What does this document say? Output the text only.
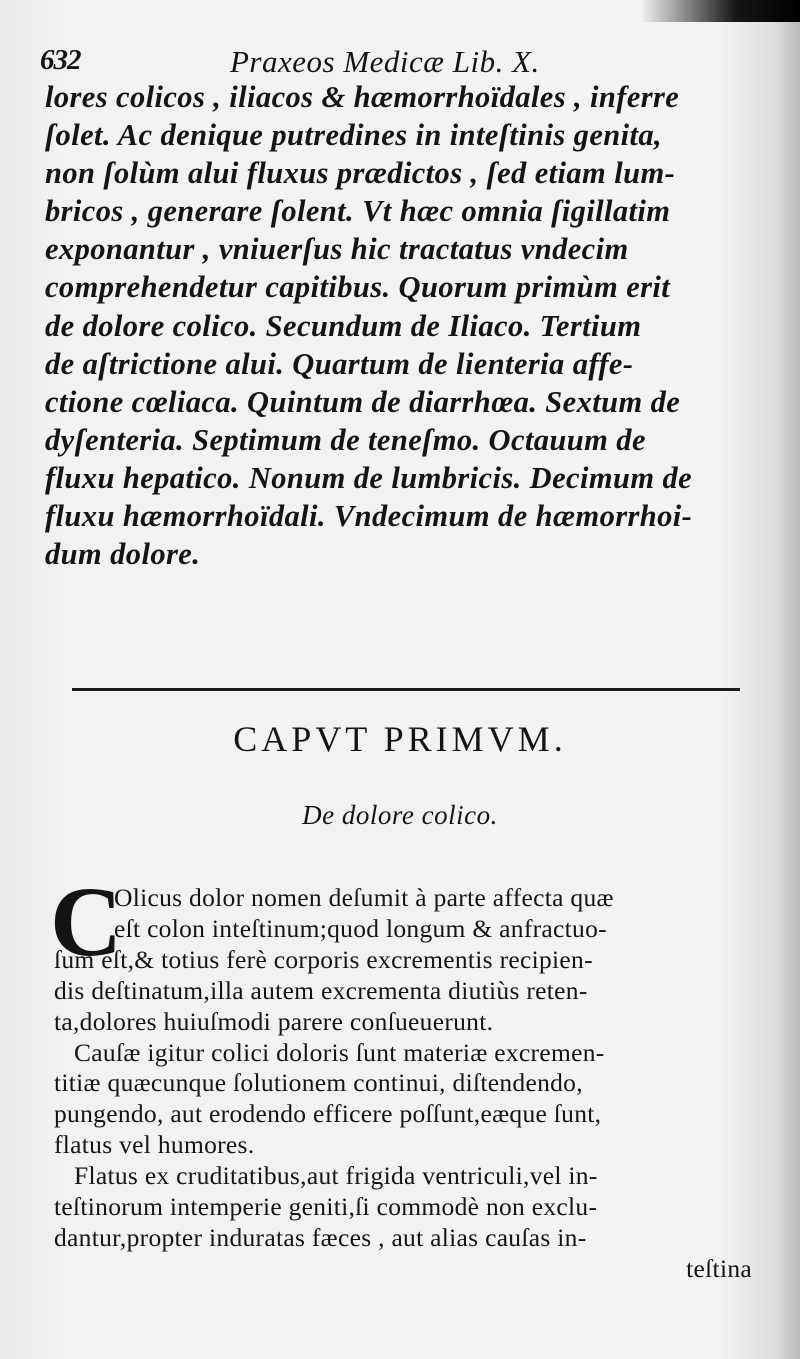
632	Praxeos Medicæ Lib. X.
lores colicos , iliacos & hæmorrhoïdales , inferre
ſolet. Ac denique putredines in inteſtinis genita,
non ſolùm alui fluxus prædictos , ſed etiam lum-
bricos , generare ſolent. Vt hæc omnia ſigillatim
exponantur , vniuerſus hic tractatus vndecim
comprehendetur capitibus. Quorum primùm erit
de dolore colico. Secundum de Iliaco. Tertium
de aſtrictione alui. Quartum de lienteria affe-
ctione cœliaca. Quintum de diarrhœa. Sextum de
dyſenteria. Septimum de teneſmo. Octauum de
fluxu hepatico. Nonum de lumbricis. Decimum de
fluxu hæmorrhoïdali. Vndecimum de hæmorrhoi-
dum dolore.
CAPVT PRIMVM.
De dolore colico.
C
Olicus dolor nomen deſumit à parte affecta quæ
eſt colon inteſtinum;quod longum & anfractuo-
ſum eſt,& totius ferè corporis excrementis recipien-
dis deſtinatum,illa autem excrementa diutiùs reten-
ta,dolores huiuſmodi parere conſueuerunt.
Cauſæ igitur colici doloris ſunt materiæ excremen-
titiæ quæcunque ſolutionem continui, diſtendendo,
pungendo, aut erodendo efficere poſſunt,eæque ſunt,
flatus vel humores.
Flatus ex cruditatibus,aut frigida ventriculi,vel in-
teſtinorum intemperie geniti,ſi commodè non exclu-
dantur,propter induratas fæces , aut alias cauſas in-
teſtina
